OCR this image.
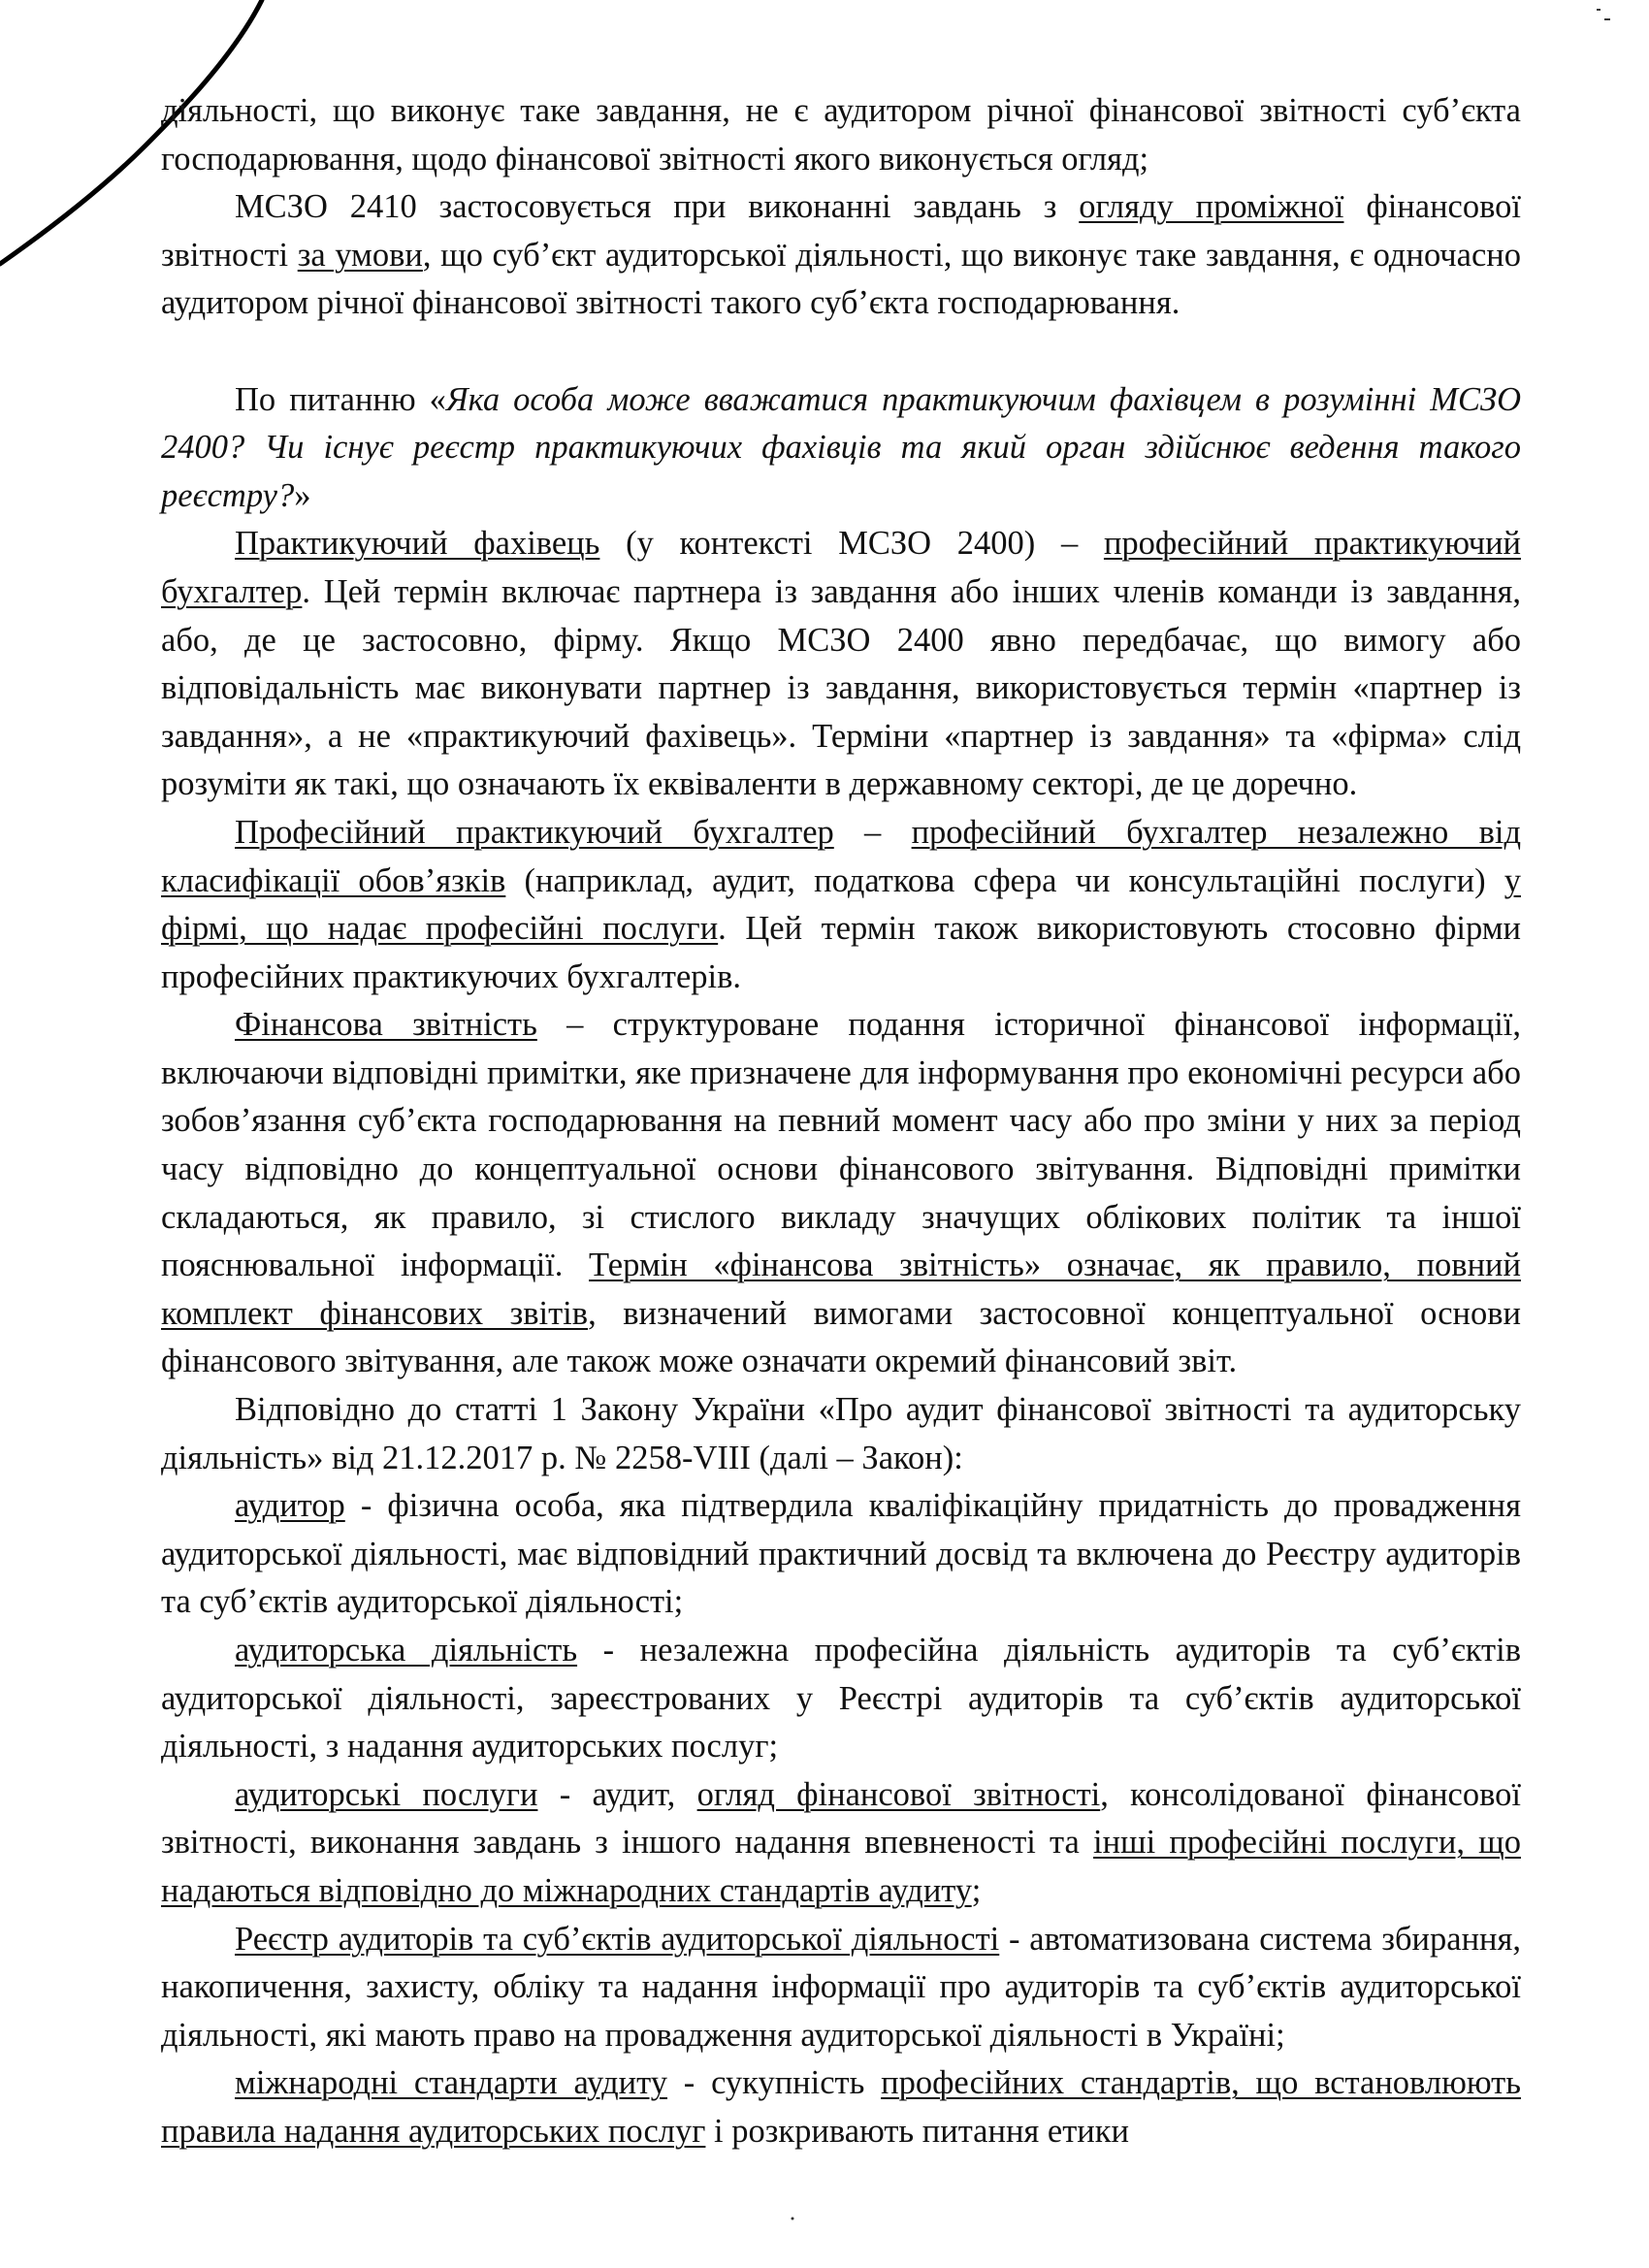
діяльності, що виконує таке завдання, не є аудитором річної фінансової звітності суб’єкта господарювання, щодо фінансової звітності якого виконується огляд;

МСЗО 2410 застосовується при виконанні завдань з огляду проміжної фінансової звітності за умови, що суб’єкт аудиторської діяльності, що виконує таке завдання, є одночасно аудитором річної фінансової звітності такого суб’єкта господарювання.

По питанню «Яка особа може вважатися практикуючим фахівцем в розумінні МСЗО 2400? Чи існує реєстр практикуючих фахівців та який орган здійснює ведення такого реєстру?»

Практикуючий фахівець (у контексті МСЗО 2400) – професійний практикуючий бухгалтер. Цей термін включає партнера із завдання або інших членів команди із завдання, або, де це застосовно, фірму. Якщо МСЗО 2400 явно передбачає, що вимогу або відповідальність має виконувати партнер із завдання, використовується термін «партнер із завдання», а не «практикуючий фахівець». Терміни «партнер із завдання» та «фірма» слід розуміти як такі, що означають їх еквіваленти в державному секторі, де це доречно.

Професійний практикуючий бухгалтер – професійний бухгалтер незалежно від класифікації обов’язків (наприклад, аудит, податкова сфера чи консультаційні послуги) у фірмі, що надає професійні послуги. Цей термін також використовують стосовно фірми професійних практикуючих бухгалтерів.

Фінансова звітність – структуроване подання історичної фінансової інформації, включаючи відповідні примітки, яке призначене для інформування про економічні ресурси або зобов’язання суб’єкта господарювання на певний момент часу або про зміни у них за період часу відповідно до концептуальної основи фінансового звітування. Відповідні примітки складаються, як правило, зі стислого викладу значущих облікових політик та іншої пояснювальної інформації. Термін «фінансова звітність» означає, як правило, повний комплект фінансових звітів, визначений вимогами застосовної концептуальної основи фінансового звітування, але також може означати окремий фінансовий звіт.

Відповідно до статті 1 Закону України «Про аудит фінансової звітності та аудиторську діяльність» від 21.12.2017 р. № 2258-VIII (далі – Закон):

аудитор - фізична особа, яка підтвердила кваліфікаційну придатність до провадження аудиторської діяльності, має відповідний практичний досвід та включена до Реєстру аудиторів та суб’єктів аудиторської діяльності;

аудиторська діяльність - незалежна професійна діяльність аудиторів та суб’єктів аудиторської діяльності, зареєстрованих у Реєстрі аудиторів та суб’єктів аудиторської діяльності, з надання аудиторських послуг;

аудиторські послуги - аудит, огляд фінансової звітності, консолідованої фінансової звітності, виконання завдань з іншого надання впевненості та інші професійні послуги, що надаються відповідно до міжнародних стандартів аудиту;

Реєстр аудиторів та суб’єктів аудиторської діяльності - автоматизована система збирання, накопичення, захисту, обліку та надання інформації про аудиторів та суб’єктів аудиторської діяльності, які мають право на провадження аудиторської діяльності в Україні;

міжнародні стандарти аудиту - сукупність професійних стандартів, що встановлюють правила надання аудиторських послуг і розкривають питання етики
